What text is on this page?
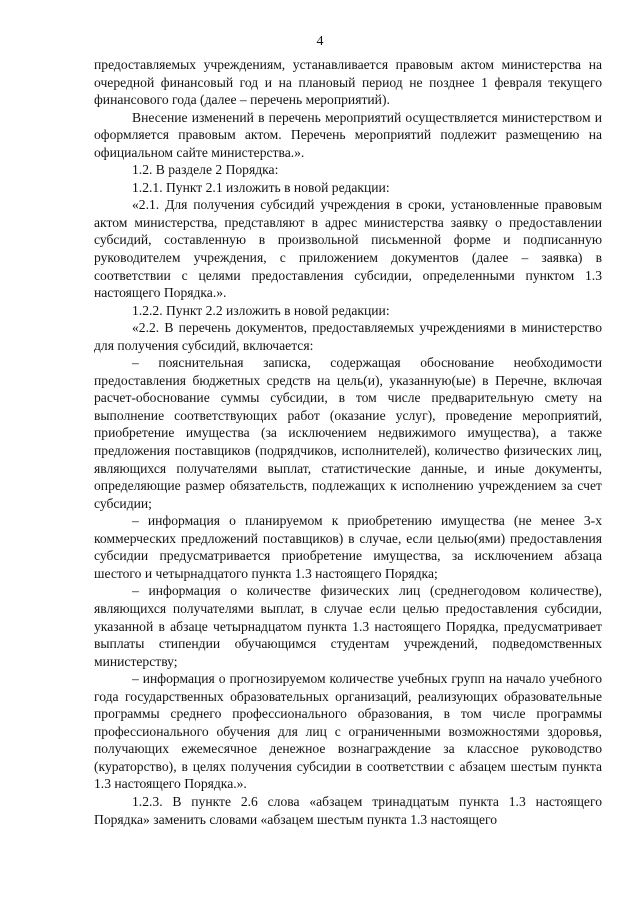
4

предоставляемых учреждениям, устанавливается правовым актом министерства на очередной финансовый год и на плановый период не позднее 1 февраля текущего финансового года (далее – перечень мероприятий).

Внесение изменений в перечень мероприятий осуществляется министерством и оформляется правовым актом. Перечень мероприятий подлежит размещению на официальном сайте министерства.».

1.2. В разделе 2 Порядка:

1.2.1. Пункт 2.1 изложить в новой редакции:

«2.1. Для получения субсидий учреждения в сроки, установленные правовым актом министерства, представляют в адрес министерства заявку о предоставлении субсидий, составленную в произвольной письменной форме и подписанную руководителем учреждения, с приложением документов (далее – заявка) в соответствии с целями предоставления субсидии, определенными пунктом 1.3 настоящего Порядка.».

1.2.2. Пункт 2.2 изложить в новой редакции:

«2.2. В перечень документов, предоставляемых учреждениями в министерство для получения субсидий, включается:

– пояснительная записка, содержащая обоснование необходимости предоставления бюджетных средств на цель(и), указанную(ые) в Перечне, включая расчет-обоснование суммы субсидии, в том числе предварительную смету на выполнение соответствующих работ (оказание услуг), проведение мероприятий, приобретение имущества (за исключением недвижимого имущества), а также предложения поставщиков (подрядчиков, исполнителей), количество физических лиц, являющихся получателями выплат, статистические данные, и иные документы, определяющие размер обязательств, подлежащих к исполнению учреждением за счет субсидии;

– информация о планируемом к приобретению имущества (не менее 3-х коммерческих предложений поставщиков) в случае, если целью(ями) предоставления субсидии предусматривается приобретение имущества, за исключением абзаца шестого и четырнадцатого пункта 1.3 настоящего Порядка;

– информация о количестве физических лиц (среднегодовом количестве), являющихся получателями выплат, в случае если целью предоставления субсидии, указанной в абзаце четырнадцатом пункта 1.3 настоящего Порядка, предусматривает выплаты стипендии обучающимся студентам учреждений, подведомственных министерству;

– информация о прогнозируемом количестве учебных групп на начало учебного года государственных образовательных организаций, реализующих образовательные программы среднего профессионального образования, в том числе программы профессионального обучения для лиц с ограниченными возможностями здоровья, получающих ежемесячное денежное вознаграждение за классное руководство (кураторство), в целях получения субсидии в соответствии с абзацем шестым пункта 1.3 настоящего Порядка.».

1.2.3. В пункте 2.6 слова «абзацем тринадцатым пункта 1.3 настоящего Порядка» заменить словами «абзацем шестым пункта 1.3 настоящего
